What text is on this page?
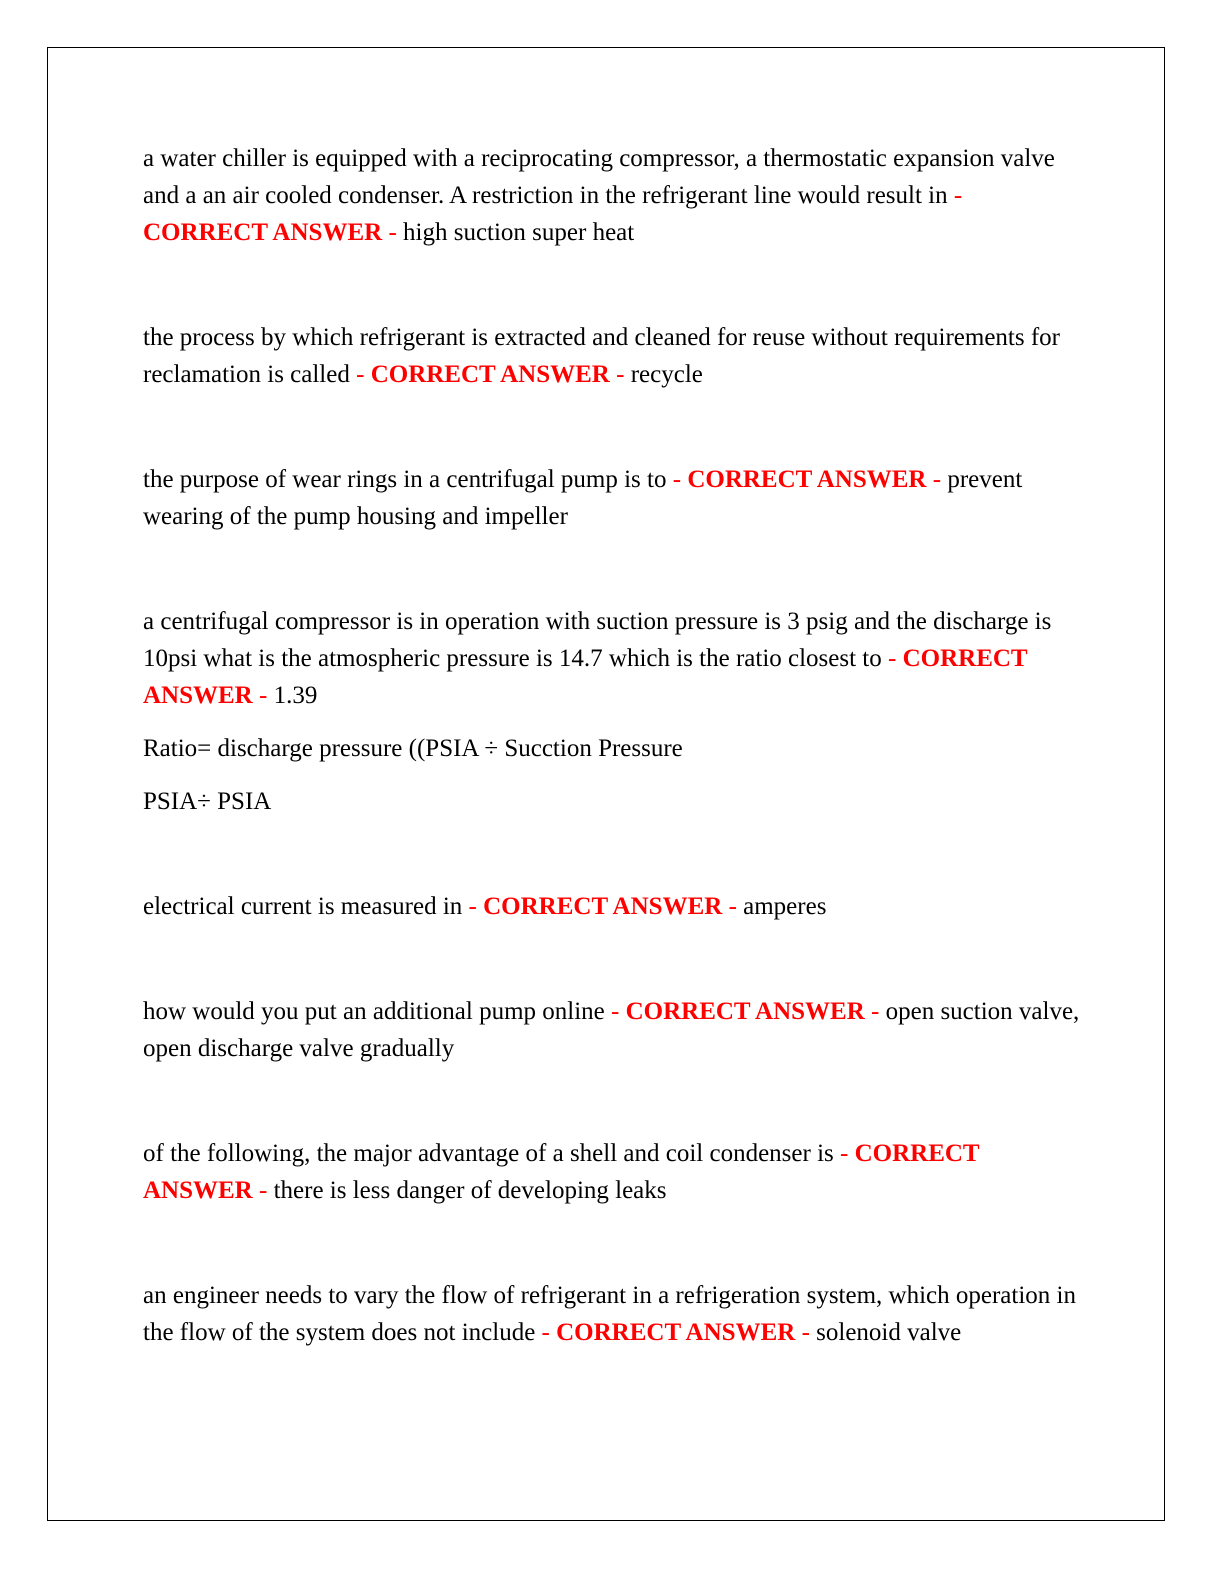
a water chiller is equipped with a reciprocating compressor, a thermostatic expansion valve and a an air cooled condenser. A restriction in the refrigerant line would result in - CORRECT ANSWER - high suction super heat

the process by which refrigerant is extracted and cleaned for reuse without requirements for reclamation is called - CORRECT ANSWER - recycle

the purpose of wear rings in a centrifugal pump is to - CORRECT ANSWER - prevent wearing of the pump housing and impeller

a centrifugal compressor is in operation with suction pressure is 3 psig and the discharge is 10psi what is the atmospheric pressure is 14.7 which is the ratio closest to - CORRECT ANSWER - 1.39

Ratio= discharge pressure ((PSIA ÷ Sucction Pressure

PSIA÷ PSIA

electrical current is measured in - CORRECT ANSWER - amperes

how would you put an additional pump online - CORRECT ANSWER - open suction valve, open discharge valve gradually

of the following, the major advantage of a shell and coil condenser is - CORRECT ANSWER - there is less danger of developing leaks

an engineer needs to vary the flow of refrigerant in a refrigeration system, which operation in the flow of the system does not include - CORRECT ANSWER - solenoid valve
